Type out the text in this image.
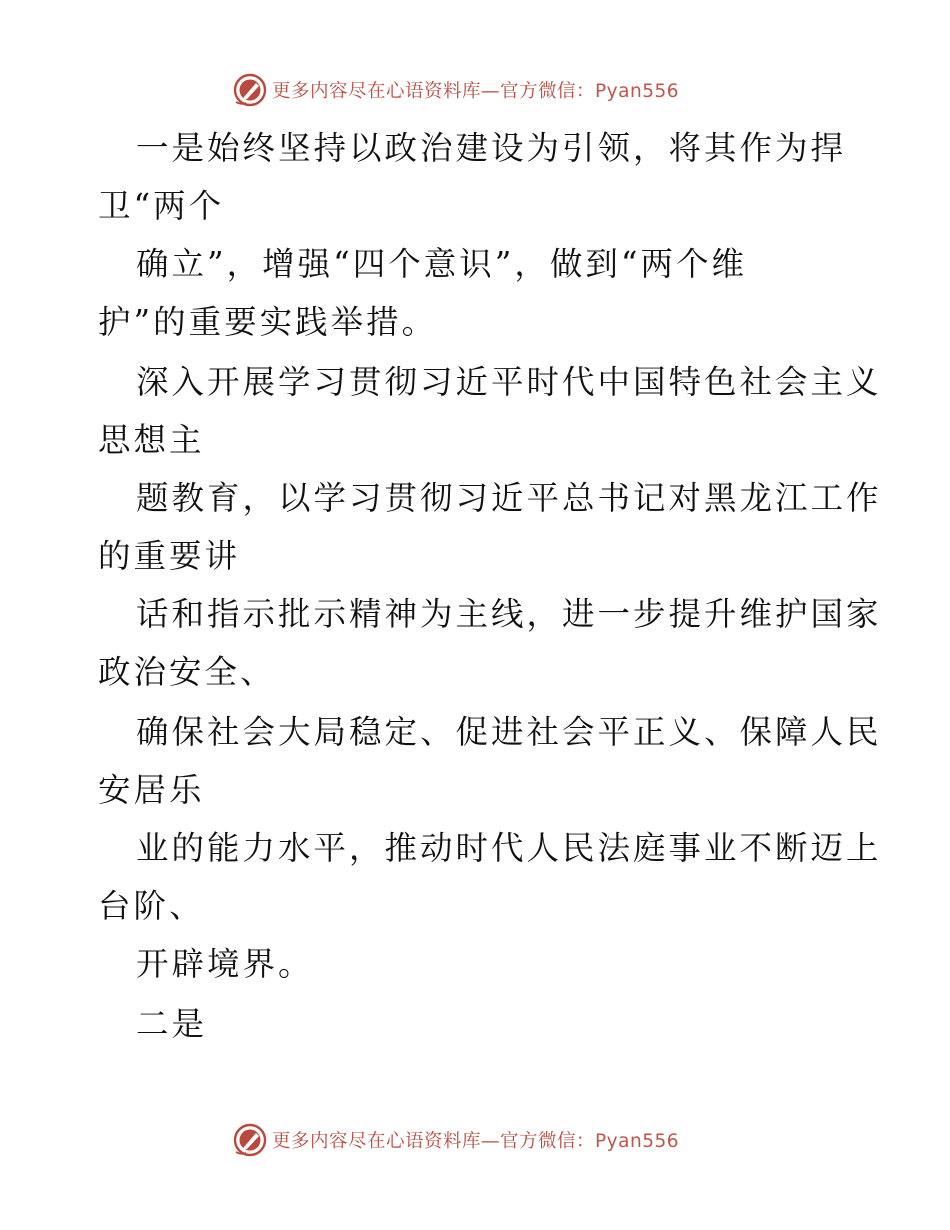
更多内容尽在心语资料库—官方微信：Pyan556
一是始终坚持以政治建设为引领，将其作为捍
卫“两个
确立”，增强“四个意识”，做到“两个维
护”的重要实践举措。
深入开展学习贯彻习近平时代中国特色社会主义
思想主
题教育，以学习贯彻习近平总书记对黑龙江工作
的重要讲
话和指示批示精神为主线，进一步提升维护国家
政治安全、
确保社会大局稳定、促进社会平正义、保障人民
安居乐
业的能力水平，推动时代人民法庭事业不断迈上
台阶、
开辟境界。
二是
更多内容尽在心语资料库—官方微信：Pyan556
